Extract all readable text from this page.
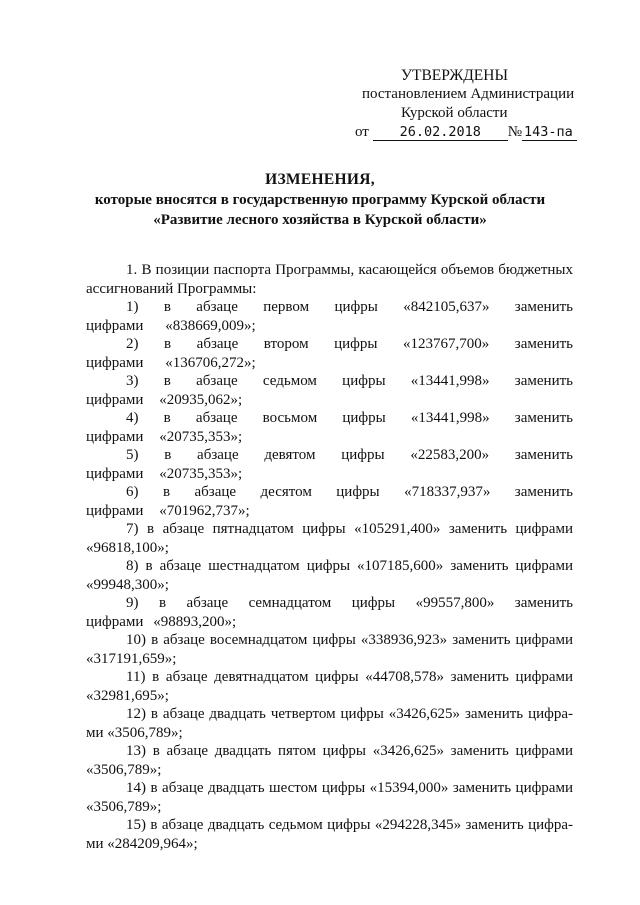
УТВЕРЖДЕНЫ
постановлением Администрации
Курской области
от	26.02.2018	№ 143-па
ИЗМЕНЕНИЯ,
которые вносятся в государственную программу Курской области
«Развитие лесного хозяйства в Курской области»

1. В позиции паспорта Программы, касающейся объемов бюджетных ассигнований Программы:

1) в абзаце первом цифры «842105,637» заменить цифрами «838669,009»;

2) в абзаце втором цифры «123767,700» заменить цифрами «136706,272»;

3) в абзаце седьмом цифры «13441,998» заменить цифрами «20935,062»;

4) в абзаце восьмом цифры «13441,998» заменить цифрами «20735,353»;

5) в абзаце девятом цифры «22583,200» заменить цифрами «20735,353»;

6) в абзаце десятом цифры «718337,937» заменить цифрами «701962,737»;

7) в абзаце пятнадцатом цифры «105291,400» заменить цифрами «96818,100»;

8) в абзаце шестнадцатом цифры «107185,600» заменить цифрами «99948,300»;

9) в абзаце семнадцатом цифры «99557,800» заменить цифрами «98893,200»;

10) в абзаце восемнадцатом цифры «338936,923» заменить цифрами «317191,659»;

11) в абзаце девятнадцатом цифры «44708,578» заменить цифрами «32981,695»;

12) в абзаце двадцать четвертом цифры «3426,625» заменить цифра-ми «3506,789»;

13) в абзаце двадцать пятом цифры «3426,625» заменить цифрами «3506,789»;

14) в абзаце двадцать шестом цифры «15394,000» заменить цифрами «3506,789»;

15) в абзаце двадцать седьмом цифры «294228,345» заменить цифра-ми «284209,964»;
